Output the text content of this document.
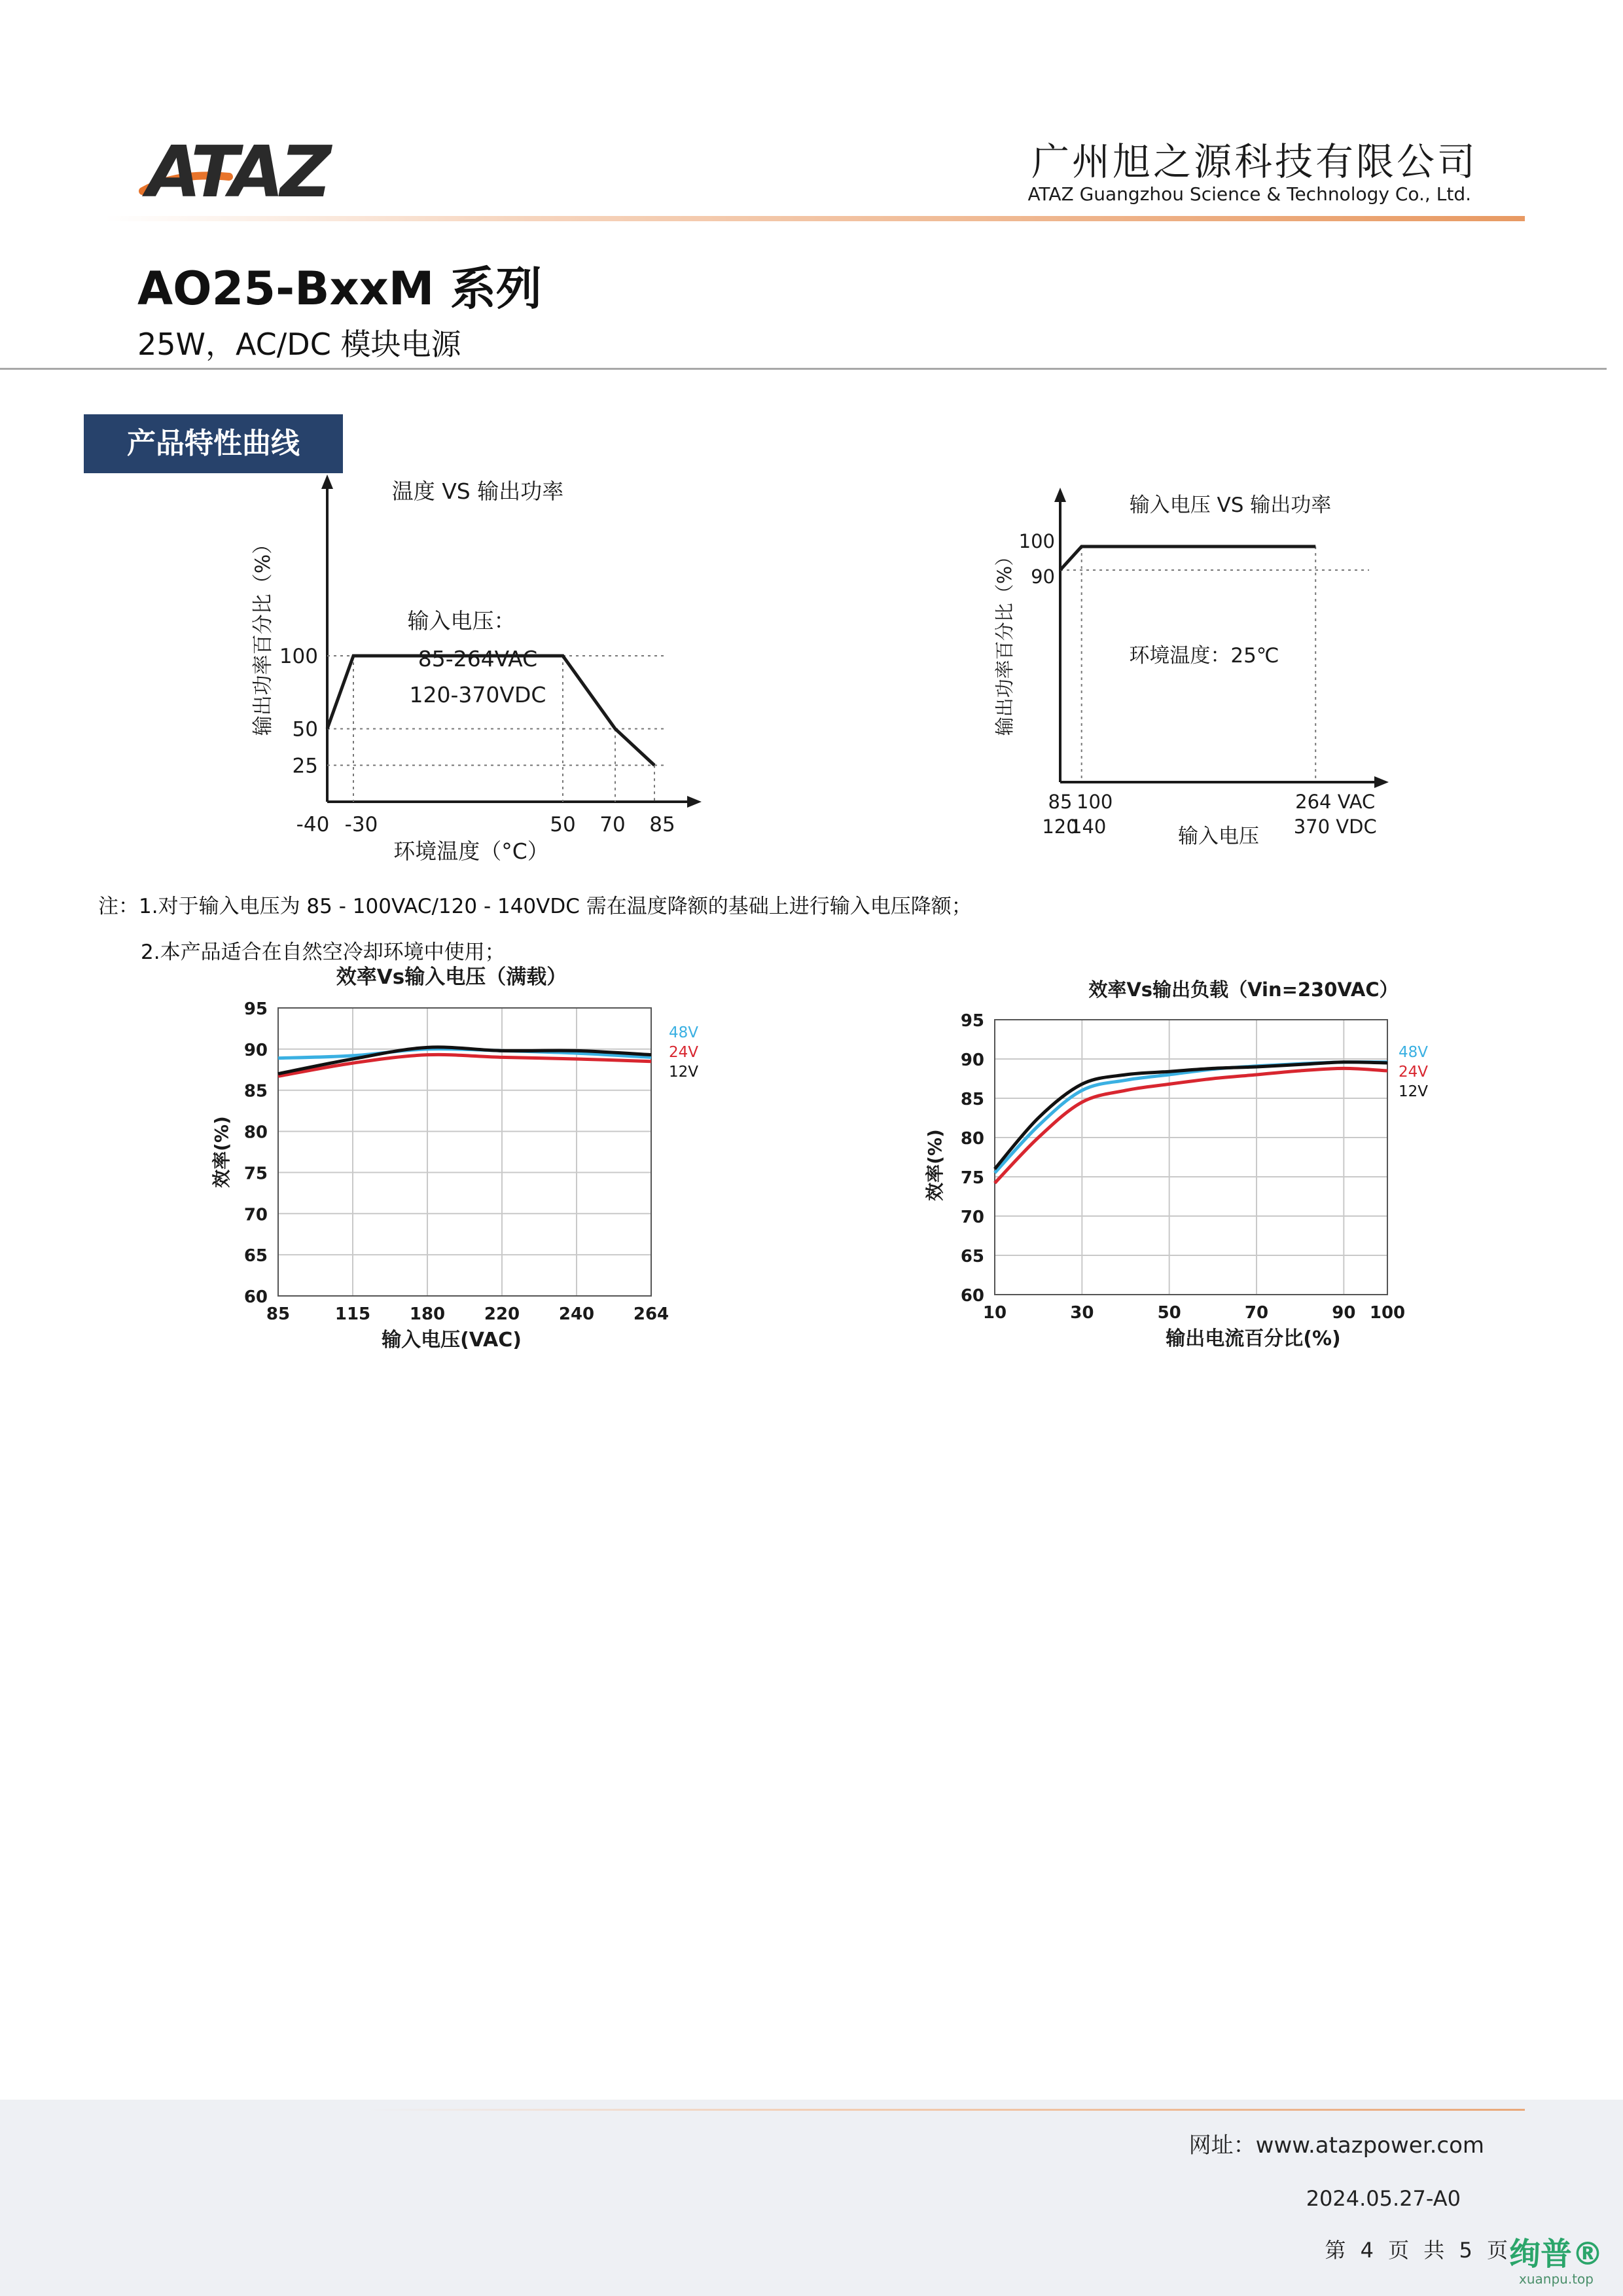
ATAZ	广州旭之源科技有限公司
ATAZ Guangzhou Science & Technology Co., Ltd.
AO25-BxxM 系列
25W，AC/DC 模块电源
产品特性曲线
温度 VS 输出功率
输出功率百分比（%）
环境温度（°C）
输入电压：
85-264VAC
120-370VDC
100
50
25
-40 -30	50 70 85
输入电压 VS 输出功率
输出功率百分比（%）
输入电压
环境温度：25℃
100
90
85 100	264 VAC
120
140	370 VDC
注：1.对于输入电压为 85 - 100VAC/120 - 140VDC 需在温度降额的基础上进行输入电压降额；
2.本产品适合在自然空冷却环境中使用；
效率Vs输入电压（满载）
效率(%)
输入电压(VAC)
95
90
85
80
75
70
65
60
85	115 180 220 240 264
48V
24V
12V
效率Vs输出负载（Vin=230VAC）
效率(%)
输出电流百分比(%)
95
90
85
80
75
70
65
60
10	30	50	70	90 100
48V
24V
12V
网址：www.atazpower.com
2024.05.27-A0
第 4 页 共 5 页
绚普®
xuanpu.top
